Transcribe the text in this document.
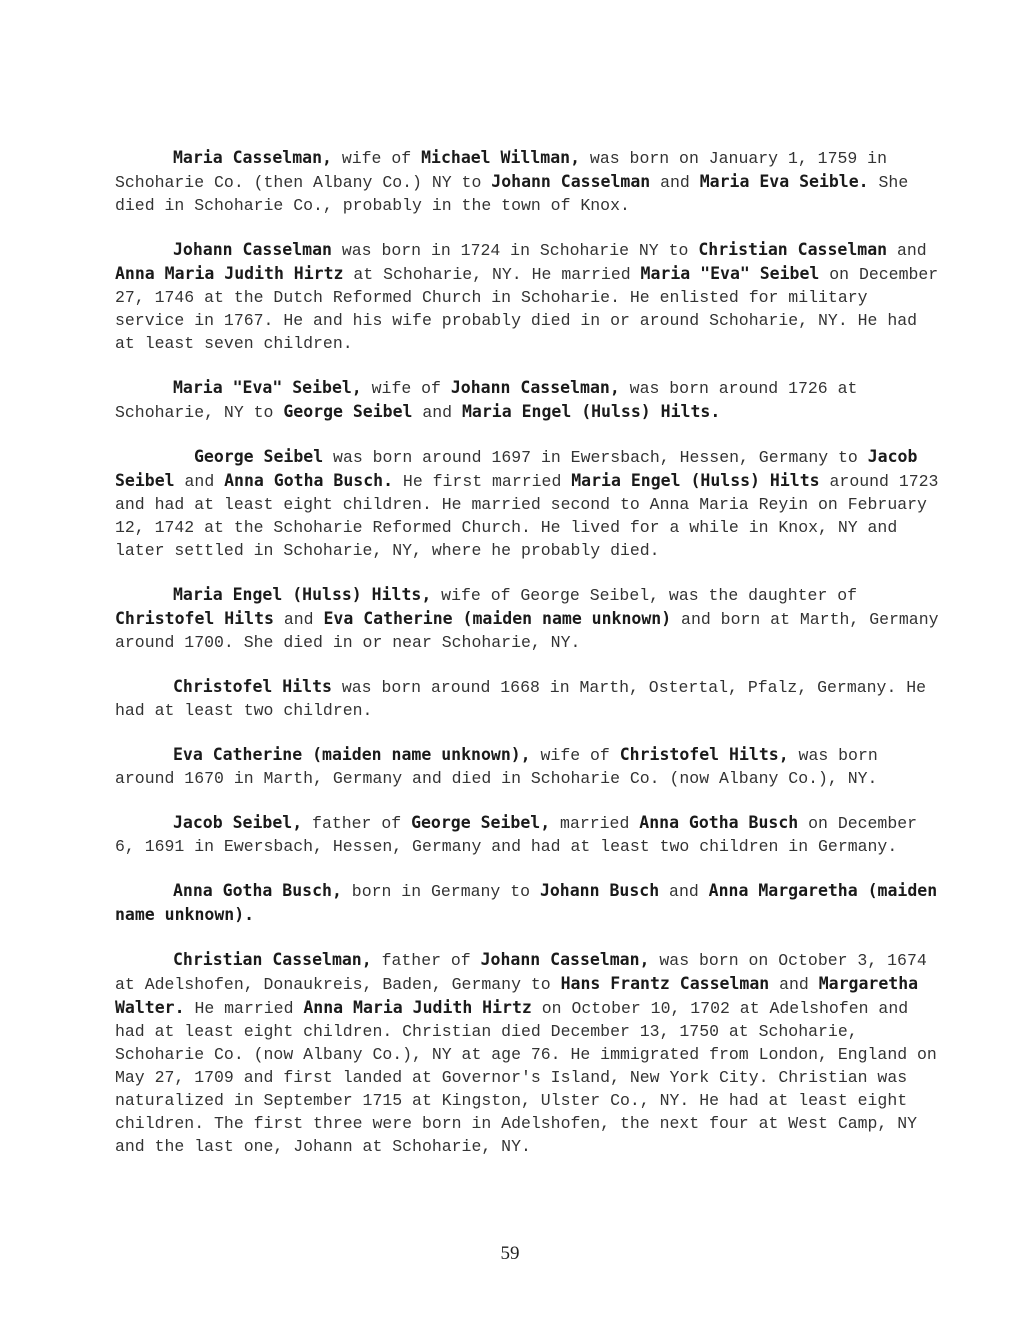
Maria Casselman, wife of Michael Willman, was born on January 1, 1759 in Schoharie Co. (then Albany Co.) NY to Johann Casselman and Maria Eva Seible. She died in Schoharie Co., probably in the town of Knox.

Johann Casselman was born in 1724 in Schoharie NY to Christian Casselman and Anna Maria Judith Hirtz at Schoharie, NY. He married Maria "Eva" Seibel on December 27, 1746 at the Dutch Reformed Church in Schoharie. He enlisted for military service in 1767. He and his wife probably died in or around Schoharie, NY. He had at least seven children.

Maria "Eva" Seibel, wife of Johann Casselman, was born around 1726 at Schoharie, NY to George Seibel and Maria Engel (Hulss) Hilts.

George Seibel was born around 1697 in Ewersbach, Hessen, Germany to Jacob Seibel and Anna Gotha Busch. He first married Maria Engel (Hulss) Hilts around 1723 and had at least eight children. He married second to Anna Maria Reyin on February 12, 1742 at the Schoharie Reformed Church. He lived for a while in Knox, NY and later settled in Schoharie, NY, where he probably died.

Maria Engel (Hulss) Hilts, wife of George Seibel, was the daughter of Christofel Hilts and Eva Catherine (maiden name unknown) and born at Marth, Germany around 1700. She died in or near Schoharie, NY.

Christofel Hilts was born around 1668 in Marth, Ostertal, Pfalz, Germany. He had at least two children.

Eva Catherine (maiden name unknown), wife of Christofel Hilts, was born around 1670 in Marth, Germany and died in Schoharie Co. (now Albany Co.), NY.

Jacob Seibel, father of George Seibel, married Anna Gotha Busch on December 6, 1691 in Ewersbach, Hessen, Germany and had at least two children in Germany.

Anna Gotha Busch, born in Germany to Johann Busch and Anna Margaretha (maiden name unknown).

Christian Casselman, father of Johann Casselman, was born on October 3, 1674 at Adelshofen, Donaukreis, Baden, Germany to Hans Frantz Casselman and Margaretha Walter. He married Anna Maria Judith Hirtz on October 10, 1702 at Adelshofen and had at least eight children. Christian died December 13, 1750 at Schoharie, Schoharie Co. (now Albany Co.), NY at age 76. He immigrated from London, England on May 27, 1709 and first landed at Governor's Island, New York City. Christian was naturalized in September 1715 at Kingston, Ulster Co., NY. He had at least eight children. The first three were born in Adelshofen, the next four at West Camp, NY and the last one, Johann at Schoharie, NY.

59
